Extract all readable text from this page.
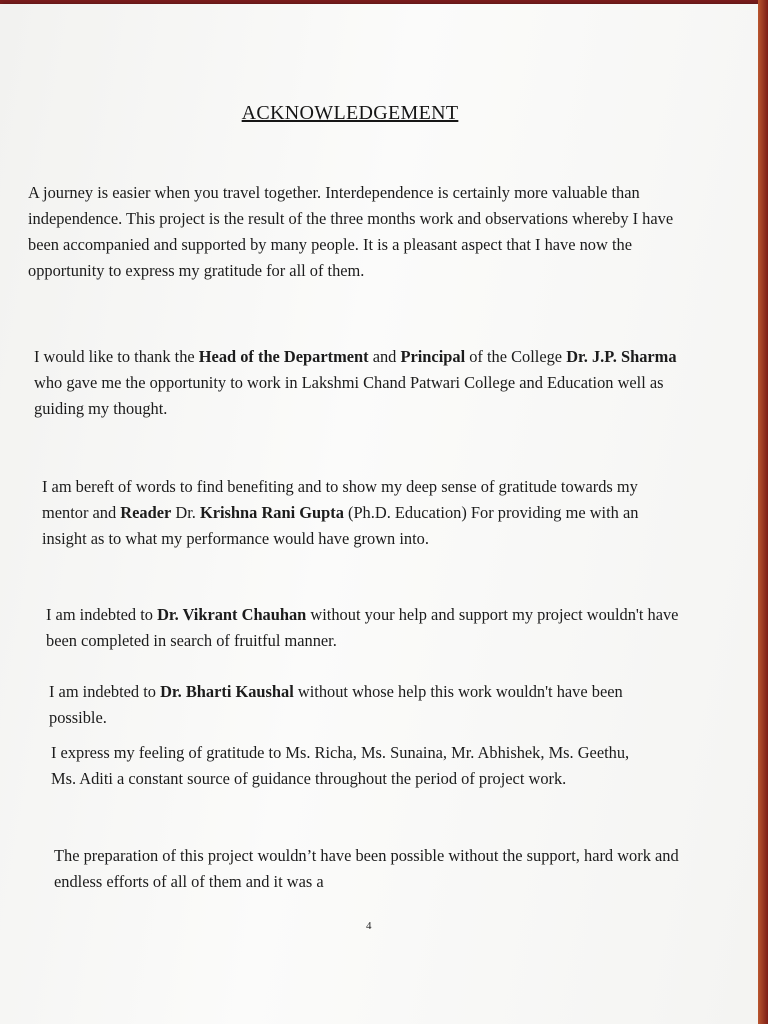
ACKNOWLEDGEMENT
A journey is easier when you travel together. Interdependence is certainly more valuable than independence. This project is the result of the three months work and observations whereby I have been accompanied and supported by many people. It is a pleasant aspect that I have now the opportunity to express my gratitude for all of them.
I would like to thank the Head of the Department and Principal of the College Dr. J.P. Sharma who gave me the opportunity to work in Lakshmi Chand Patwari College and Education well as guiding my thought.
I am bereft of words to find benefiting and to show my deep sense of gratitude towards my mentor and Reader Dr. Krishna Rani Gupta (Ph.D. Education) For providing me with an insight as to what my performance would have grown into.
I am indebted to Dr. Vikrant Chauhan without your help and support my project wouldn't have been completed in search of fruitful manner.
I am indebted to Dr. Bharti Kaushal without whose help this work wouldn't have been possible.
I express my feeling of gratitude to Ms. Richa, Ms. Sunaina, Mr. Abhishek, Ms. Geethu, Ms. Aditi a constant source of guidance throughout the period of project work.
The preparation of this project wouldn’t have been possible without the support, hard work and endless efforts of all of them and it was a
4
